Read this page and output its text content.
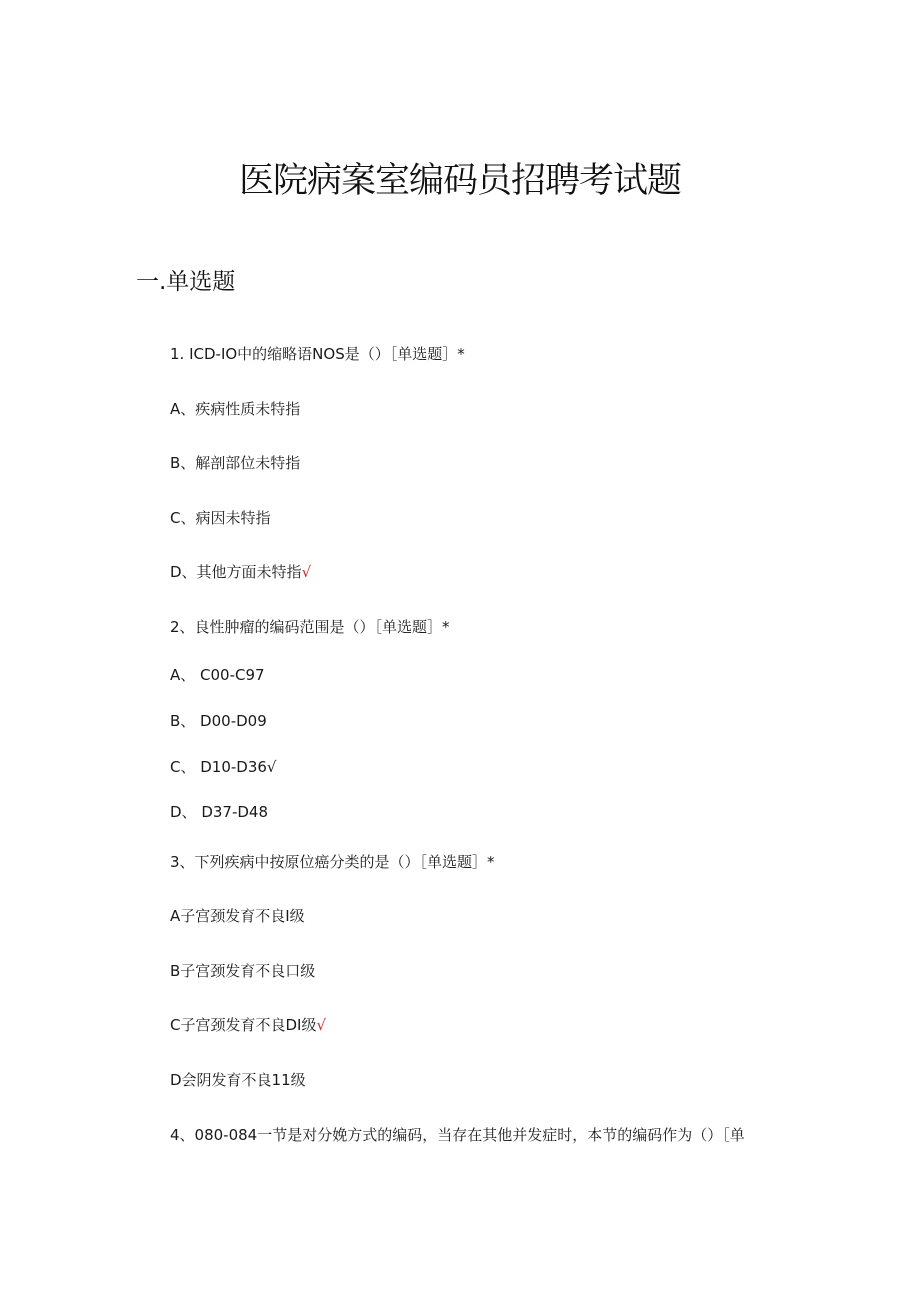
医院病案室编码员招聘考试题
一.单选题
1. ICD-IO中的缩略语NOS是（）［单选题］*
A、疾病性质未特指
B、解剖部位未特指
C、病因未特指
D、其他方面未特指√
2、良性肿瘤的编码范围是（）［单选题］*
A、 C00-C97
B、 D00-D09
C、 D10-D36√
D、 D37-D48
3、下列疾病中按原位癌分类的是（）［单选题］*
A子宫颈发育不良I级
B子宫颈发育不良口级
C子宫颈发育不良DI级√
D会阴发育不良11级
4、080-084一节是对分娩方式的编码，当存在其他并发症时，本节的编码作为（）［单
